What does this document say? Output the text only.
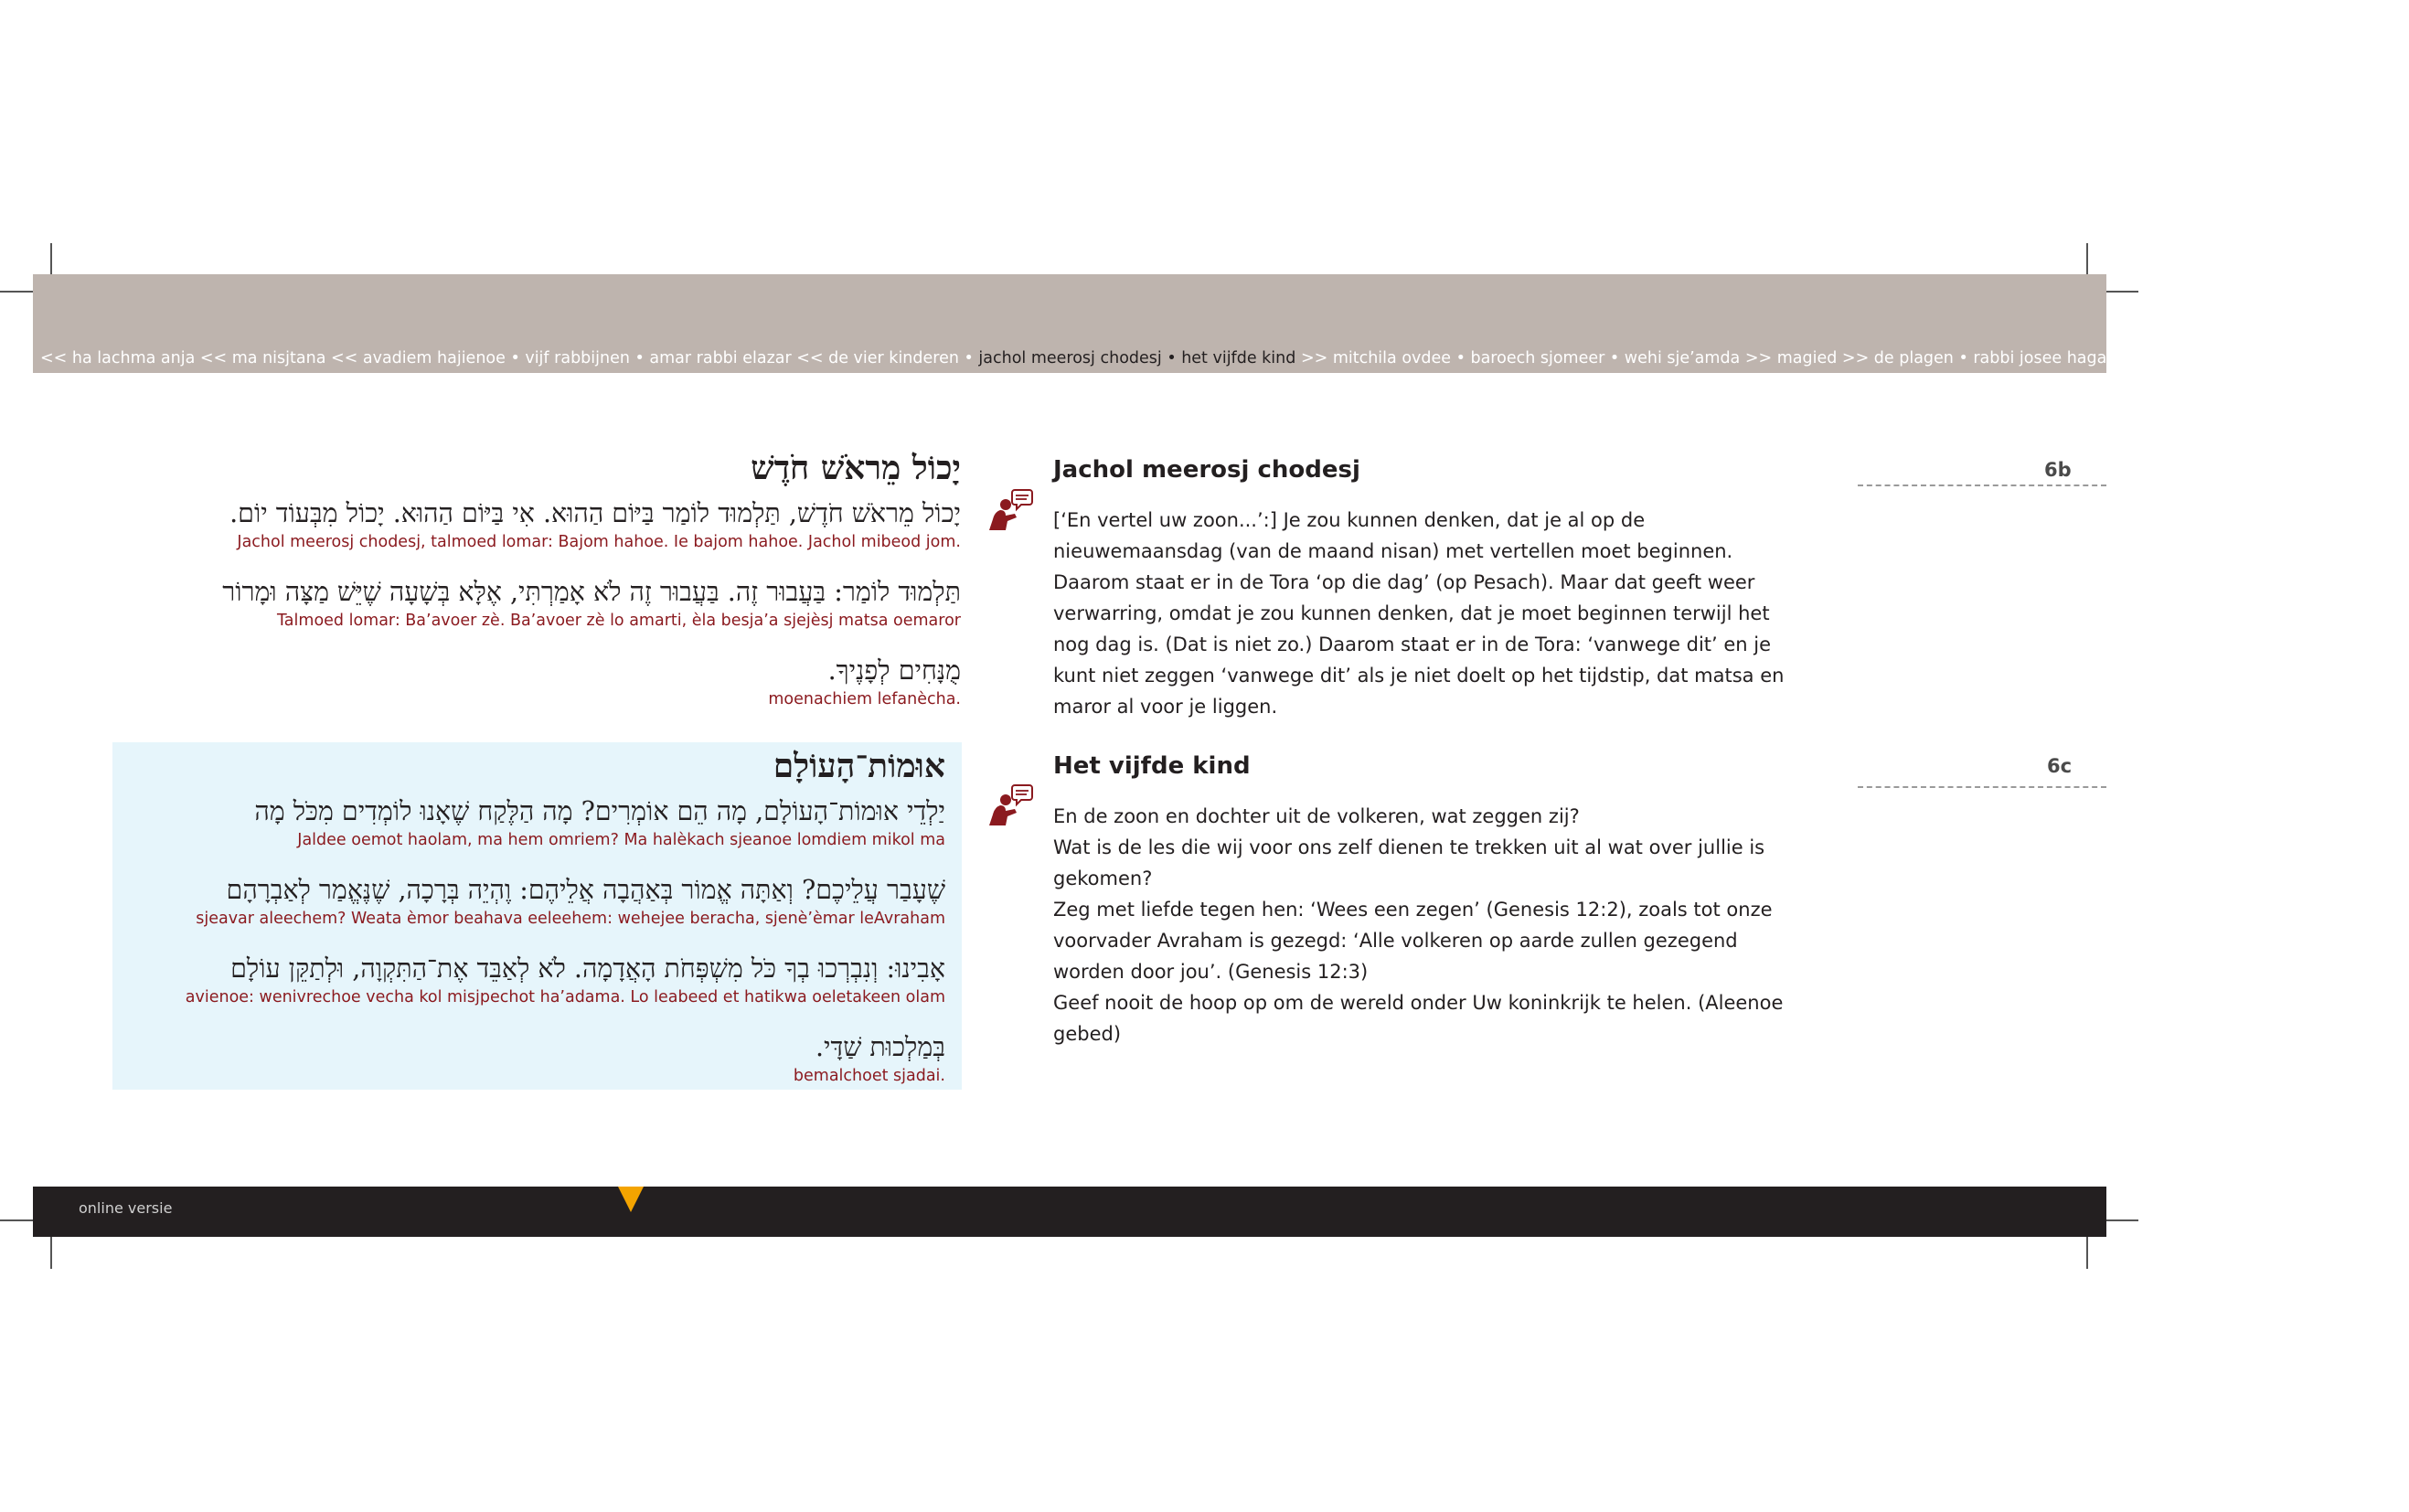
<< ha lachma anja << ma nisjtana << avadiem hajienoe • vijf rabbijnen • amar rabbi elazar << de vier kinderen • jachol meerosj chodesj • het vijfde kind >> mitchila ovdee • baroech sjomeer • wehi sje’amda >> magied >> de plagen • rabbi josee hagalieli • rabbi eliëzer • rabbi akiva >> d
יָכוֹל מֵראֹשׁ חֹדֶשׁ
יָכוֹל מֵראֹשׁ חֹדֶשׁ, תַּלְמוּד לוֹמַר בַּיּוֹם הַהוּא. אִי בַּיּוֹם הַהוּא. יָכוֹל מִבְּעוֹד יוֹם.
Jachol meerosj chodesj, talmoed lomar: Bajom hahoe. Ie bajom hahoe. Jachol mibeod jom.
תַּלְמוּד לוֹמַר: בַּעֲבוּר זֶה. בַּעֲבוּר זֶה לֹא אָמַרְתִּי, אֶלָּא בְּשָׁעָה שֶׁיֵּשׁ מַצָּה וּמָרוֹר
Talmoed lomar: Ba’avoer zè. Ba’avoer zè lo amarti, èla besja’a sjejèsj matsa oemaror
מֻנָּחִים לְפָנֶיךָ.
moenachiem lefanècha.
אוּמוֹת־הָעוֹלָם
יַלְדֵי אוּמוֹת־הָעוֹלָם, מָה הֵם אוֹמְרִים? מָה הַלֶּקַח שֶׁאָנוּ לוֹמְדִים מִכֹּל מָה
Jaldee oemot haolam, ma hem omriem? Ma halèkach sjeanoe lomdiem mikol ma
שֶׁעָבַר עֲלֵיכֶם? וְאַתָּה אֱמוֹר בְּאַהֲבָה אֲלֵיהֶם: וֶהְיֵה בְּרָכָה, שֶׁנֶּאֱמַר לְאַבְרָהָם
sjeavar aleechem? Weata èmor beahava eeleehem: wehejee beracha, sjenè’èmar leAvraham
אָבִינוּ: וְנִבְרְכוּ בְךָ כֹּל מִשְׁפְּחֹת הָאֲדָמָה. לֹא לְאַבֵּד אֶת־הַתִּקְוָה, וּלְתַקֵּן עוֹלָם
avienoe: wenivrechoe vecha kol misjpechot ha’adama. Lo leabeed et hatikwa oeletakeen olam
בְּמַלְכוּת שַׁדָּי.
bemalchoet sjadai.
Jachol meerosj chodesj
[‘En vertel uw zoon...’:] Je zou kunnen denken, dat je al op de
nieuwemaansdag (van de maand nisan) met vertellen moet beginnen.
Daarom staat er in de Tora ‘op die dag’ (op Pesach). Maar dat geeft weer
verwarring, omdat je zou kunnen denken, dat je moet beginnen terwijl het
nog dag is. (Dat is niet zo.) Daarom staat er in de Tora: ‘vanwege dit’ en je
kunt niet zeggen ‘vanwege dit’ als je niet doelt op het tijdstip, dat matsa en
maror al voor je liggen.
6b
Het vijfde kind
En de zoon en dochter uit de volkeren, wat zeggen zij?
Wat is de les die wij voor ons zelf dienen te trekken uit al wat over jullie is
gekomen?
Zeg met liefde tegen hen: ‘Wees een zegen’ (Genesis 12:2), zoals tot onze
voorvader Avraham is gezegd: ‘Alle volkeren op aarde zullen gezegend
worden door jou’. (Genesis 12:3)
Geef nooit de hoop op om de wereld onder Uw koninkrijk te helen. (Aleenoe
gebed)
6c
online versie
